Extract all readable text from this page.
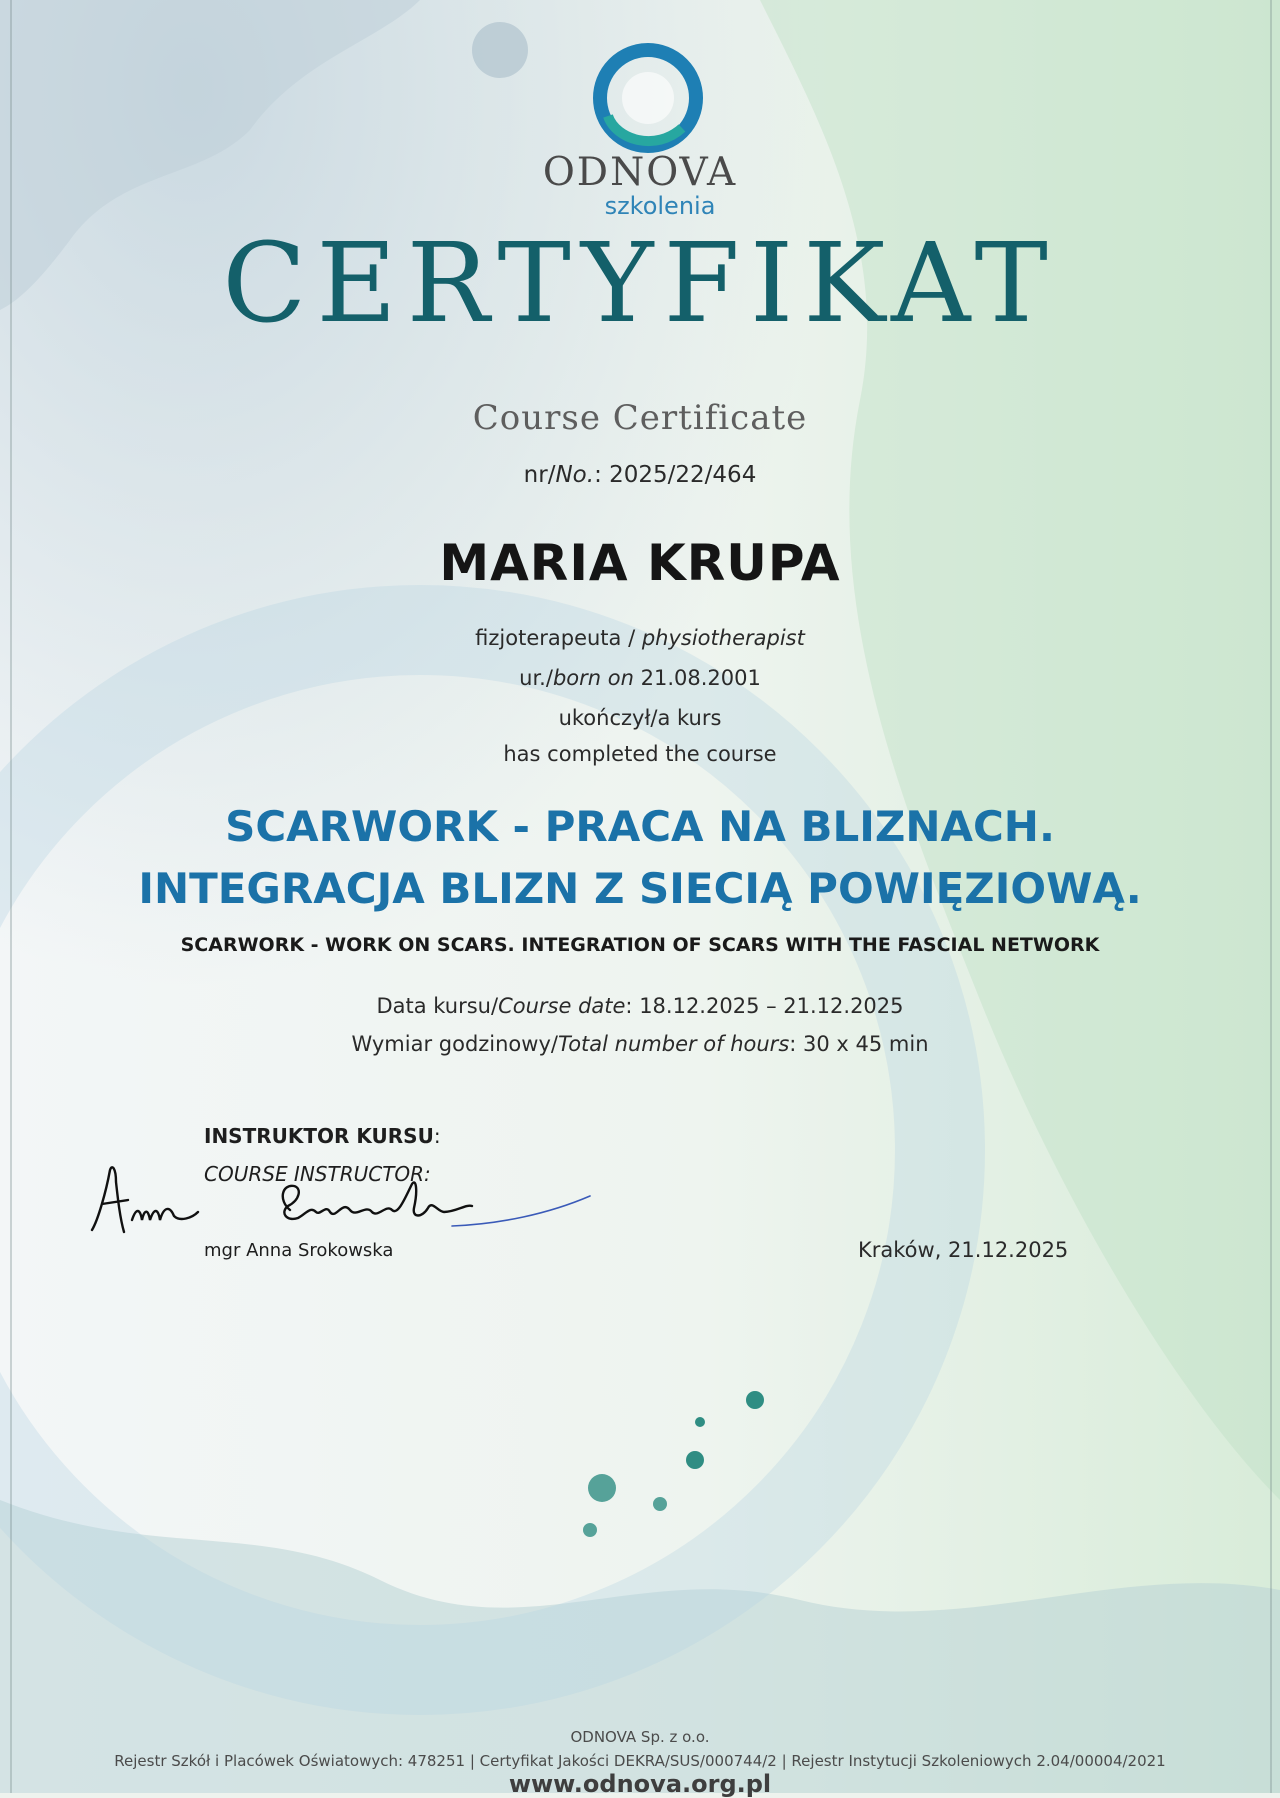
ODNOVA
szkolenia
CERTYFIKAT
Course Certificate
nr/No.: 2025/22/464
MARIA KRUPA
fizjoterapeuta / physiotherapist
ur./born on 21.08.2001
ukończył/a kurs
has completed the course
SCARWORK - PRACA NA BLIZNACH.
INTEGRACJA BLIZN Z SIECIĄ POWIĘZIOWĄ.
SCARWORK - WORK ON SCARS. INTEGRATION OF SCARS WITH THE FASCIAL NETWORK
Data kursu/Course date: 18.12.2025 – 21.12.2025
Wymiar godzinowy/Total number of hours: 30 x 45 min
INSTRUKTOR KURSU:
COURSE INSTRUCTOR:
mgr Anna Srokowska	Kraków, 21.12.2025
ODNOVA Sp. z o.o.
Rejestr Szkół i Placówek Oświatowych: 478251 | Certyfikat Jakości DEKRA/SUS/000744/2 | Rejestr Instytucji Szkoleniowych 2.04/00004/2021
www.odnova.org.pl
